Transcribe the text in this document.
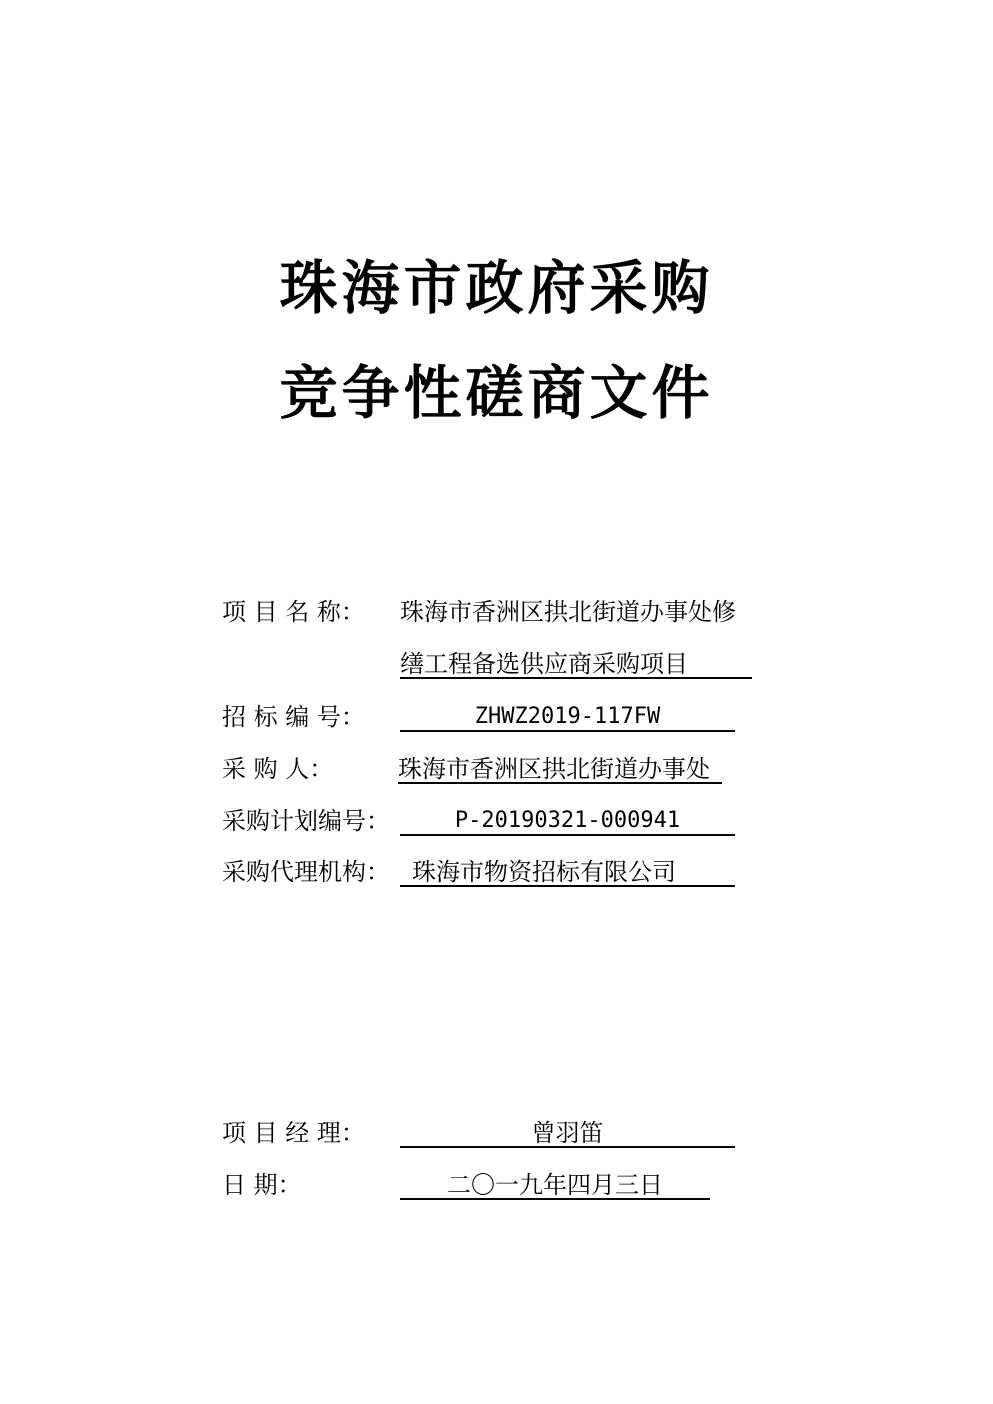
珠海市政府采购
竞争性磋商文件
项 目 名 称： 珠海市香洲区拱北街道办事处修
缮工程备选供应商采购项目
招 标 编 号：	ZHWZ2019-117FW
采 购 人：	珠海市香洲区拱北街道办事处
采购计划编号：	P-20190321-000941
采购代理机构： 珠海市物资招标有限公司
项 目 经 理：	曾羽笛
日 期：	二〇一九年四月三日
